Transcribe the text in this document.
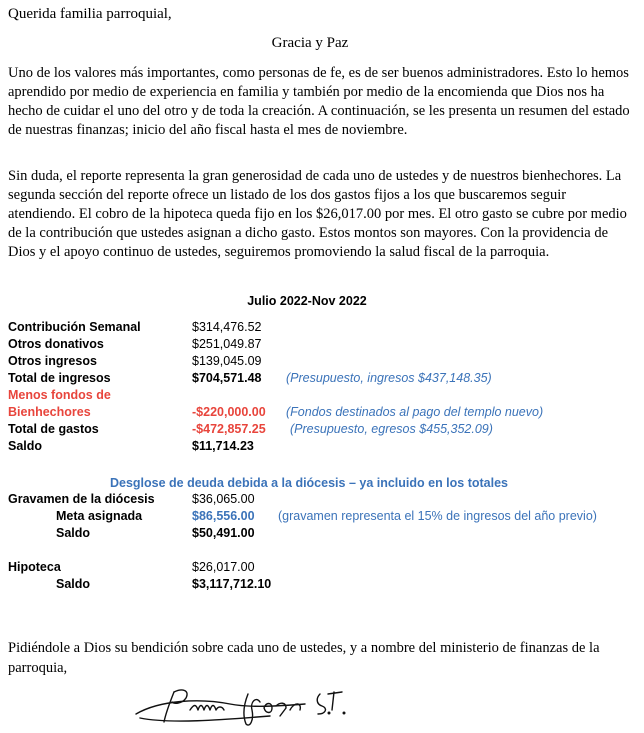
Querida familia parroquial,
Gracia y Paz
Uno de los valores más importantes, como personas de fe, es de ser buenos administradores. Esto lo hemos aprendido por medio de experiencia en familia y también por medio de la encomienda que Dios nos ha hecho de cuidar el uno del otro y de toda la creación. A continuación, se les presenta un resumen del estado de nuestras finanzas; inicio del año fiscal hasta el mes de noviembre.
Sin duda, el reporte representa la gran generosidad de cada uno de ustedes y de nuestros bienhechores. La segunda sección del reporte ofrece un listado de los dos gastos fijos a los que buscaremos seguir atendiendo. El cobro de la hipoteca queda fijo en los $26,017.00 por mes. El otro gasto se cubre por medio de la contribución que ustedes asignan a dicho gasto. Estos montos son mayores. Con la providencia de Dios y el apoyo continuo de ustedes, seguiremos promoviendo la salud fiscal de la parroquia.
Julio 2022-Nov 2022
Contribución Semanal	$314,476.52
Otros donativos	$251,049.87
Otros ingresos	$139,045.09
Total de ingresos	$704,571.48 (Presupuesto, ingresos $437,148.35)
Menos fondos de
Bienhechores	-$220,000.00 (Fondos destinados al pago del templo nuevo)
Total de gastos	-$472,857.25 (Presupuesto, egresos $455,352.09)
Saldo	$11,714.23
Desglose de deuda debida a la diócesis – ya incluido en los totales
Gravamen de la diócesis	$36,065.00
Meta asignada	$86,556.00 (gravamen representa el 15% de ingresos del año previo)
Saldo	$50,491.00
Hipoteca	$26,017.00
Saldo	$3,117,712.10
Pidiéndole a Dios su bendición sobre cada uno de ustedes, y a nombre del ministerio de finanzas de la parroquia,
